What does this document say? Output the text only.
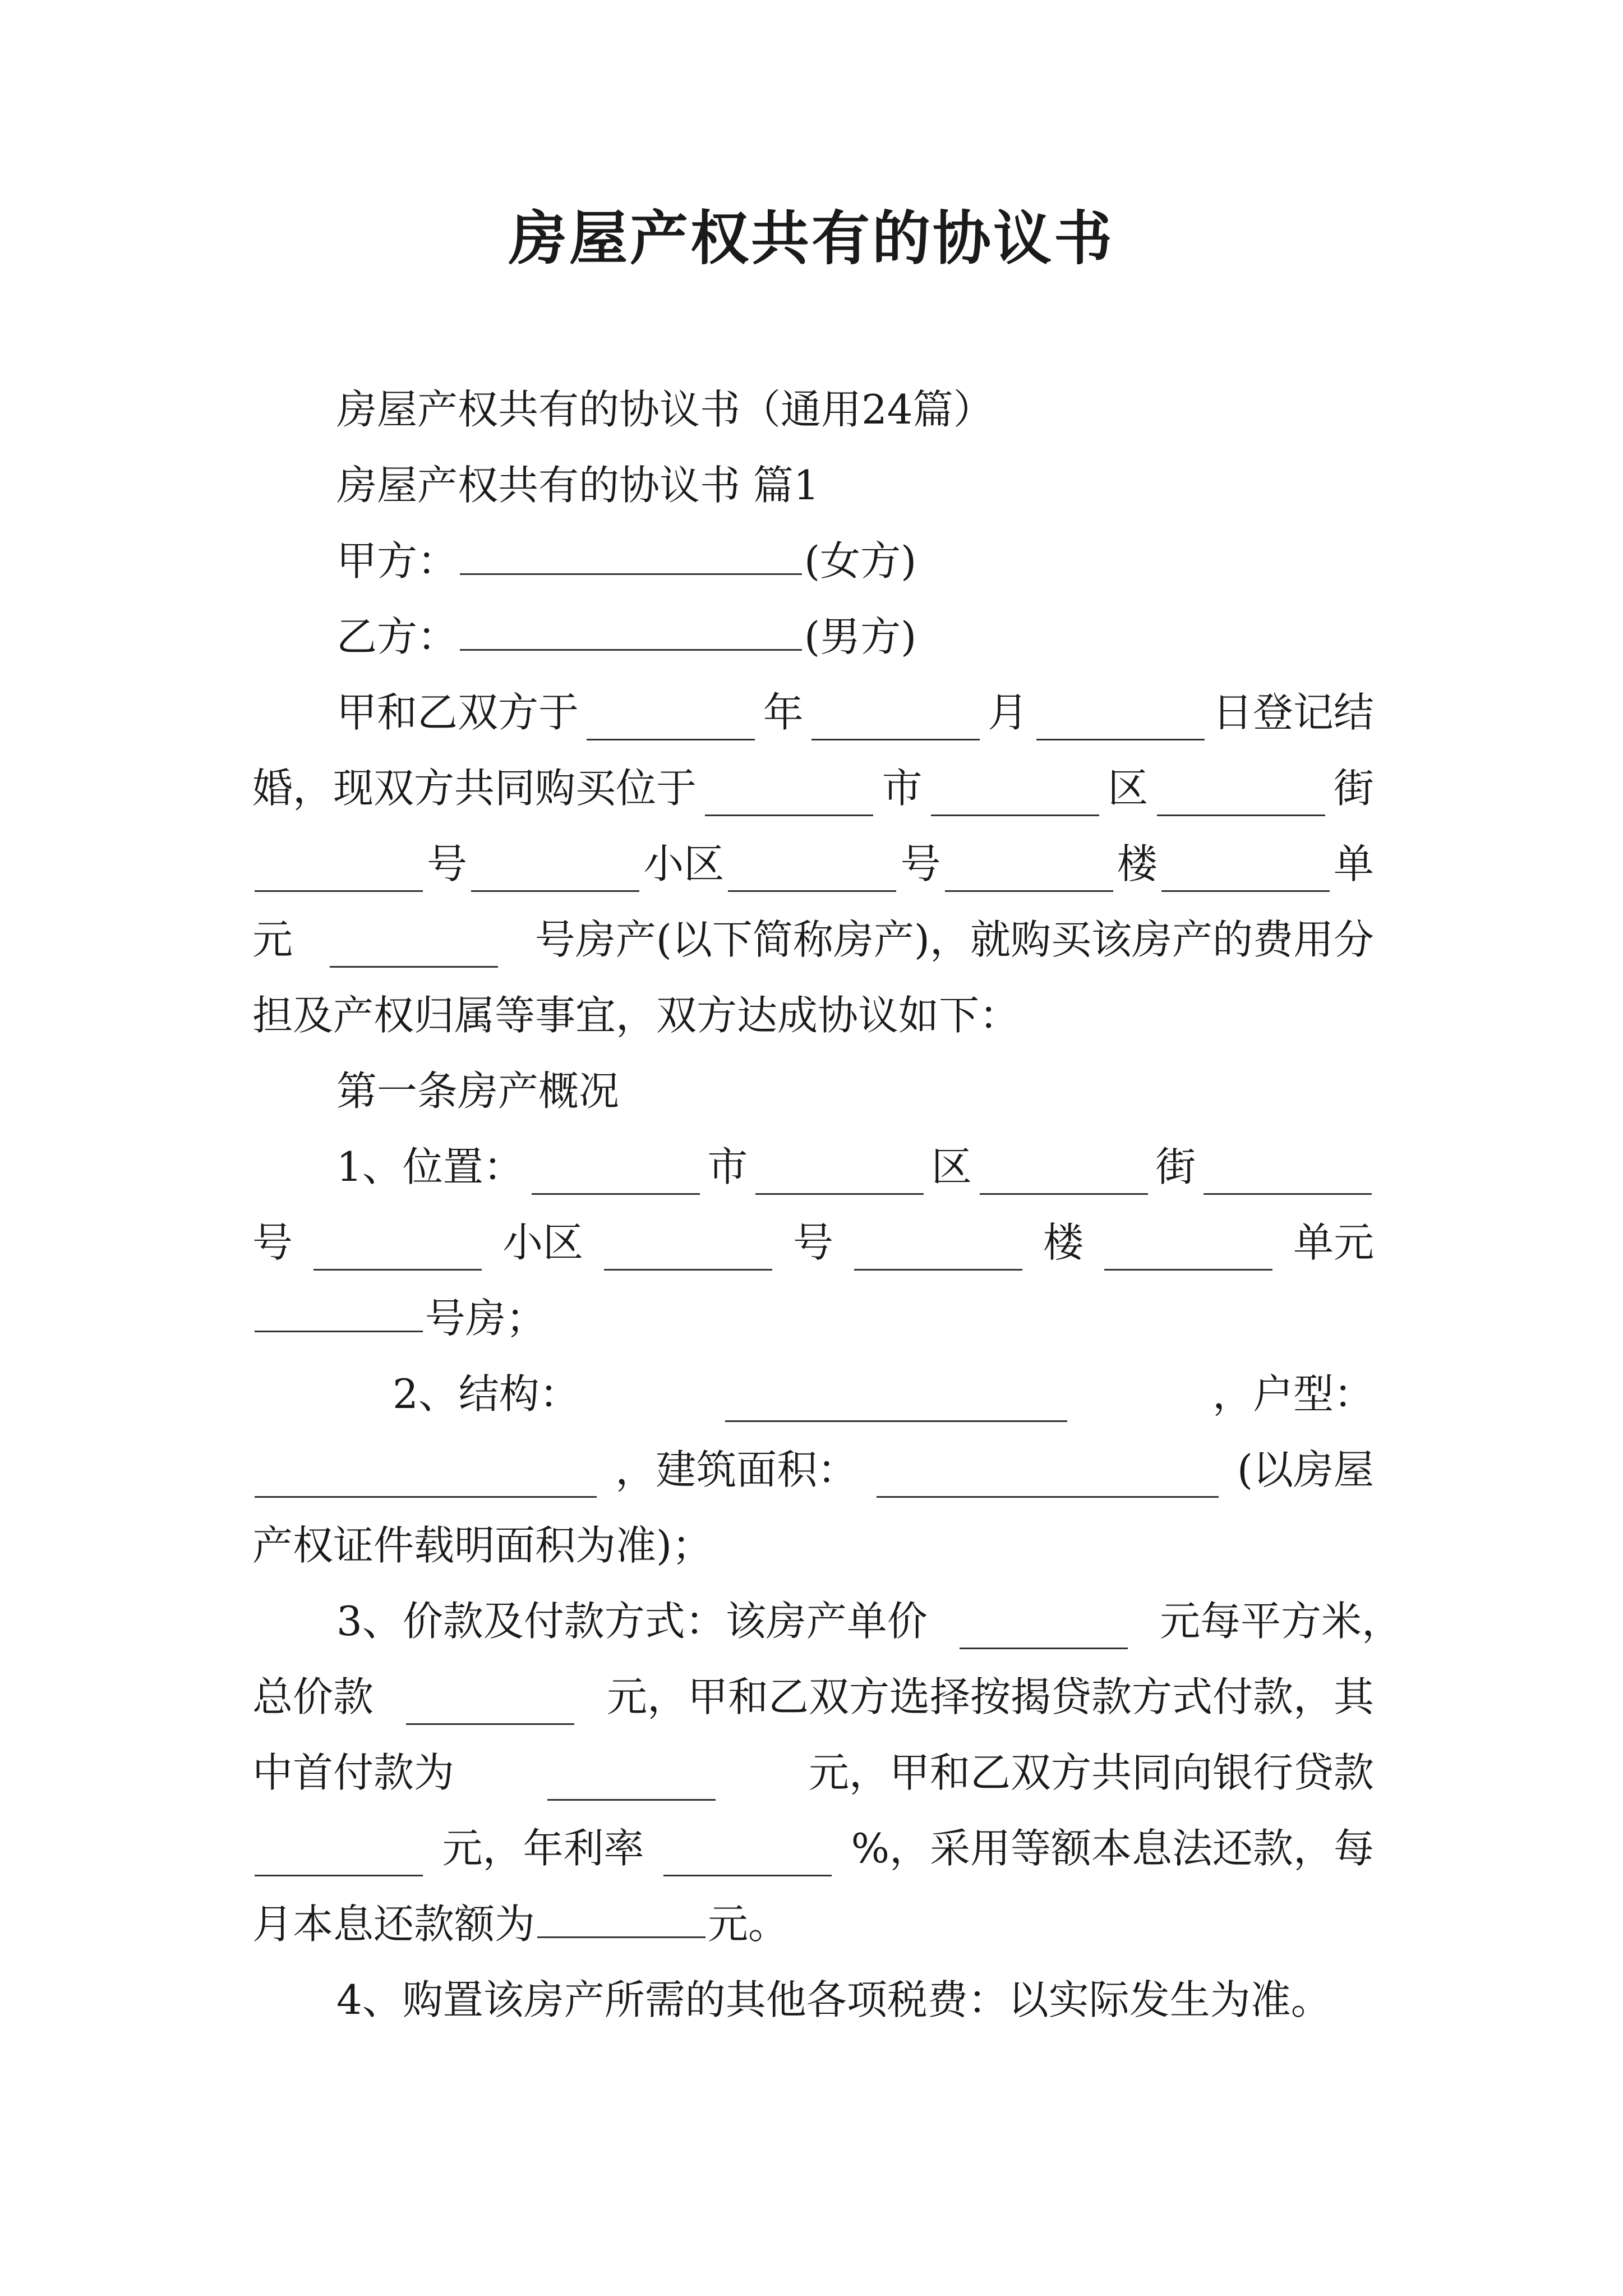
房屋产权共有的协议书
房屋产权共有的协议书（通用24篇）
房屋产权共有的协议书 篇1
甲方：	(女方)
乙方：	(男方)
甲和乙双方于	年	月	日登记结
婚，现双方共同购买位于	市	区	街
号	小区	号	楼	单
元	号房产(以下简称房产)，就购买该房产的费用分
担及产权归属等事宜，双方达成协议如下：
第一条房产概况
1、位置：	市	区	街
号	小区	号	楼	单元
号房；
2、结构：	，户型：
，建筑面积：	(以房屋
产权证件载明面积为准)；
3、价款及付款方式：该房产单价	元每平方米，
总价款	元，甲和乙双方选择按揭贷款方式付款，其
中首付款为	元，甲和乙双方共同向银行贷款
元，年利率	%，采用等额本息法还款，每
月本息还款额为	元。
4、购置该房产所需的其他各项税费：以实际发生为准。
